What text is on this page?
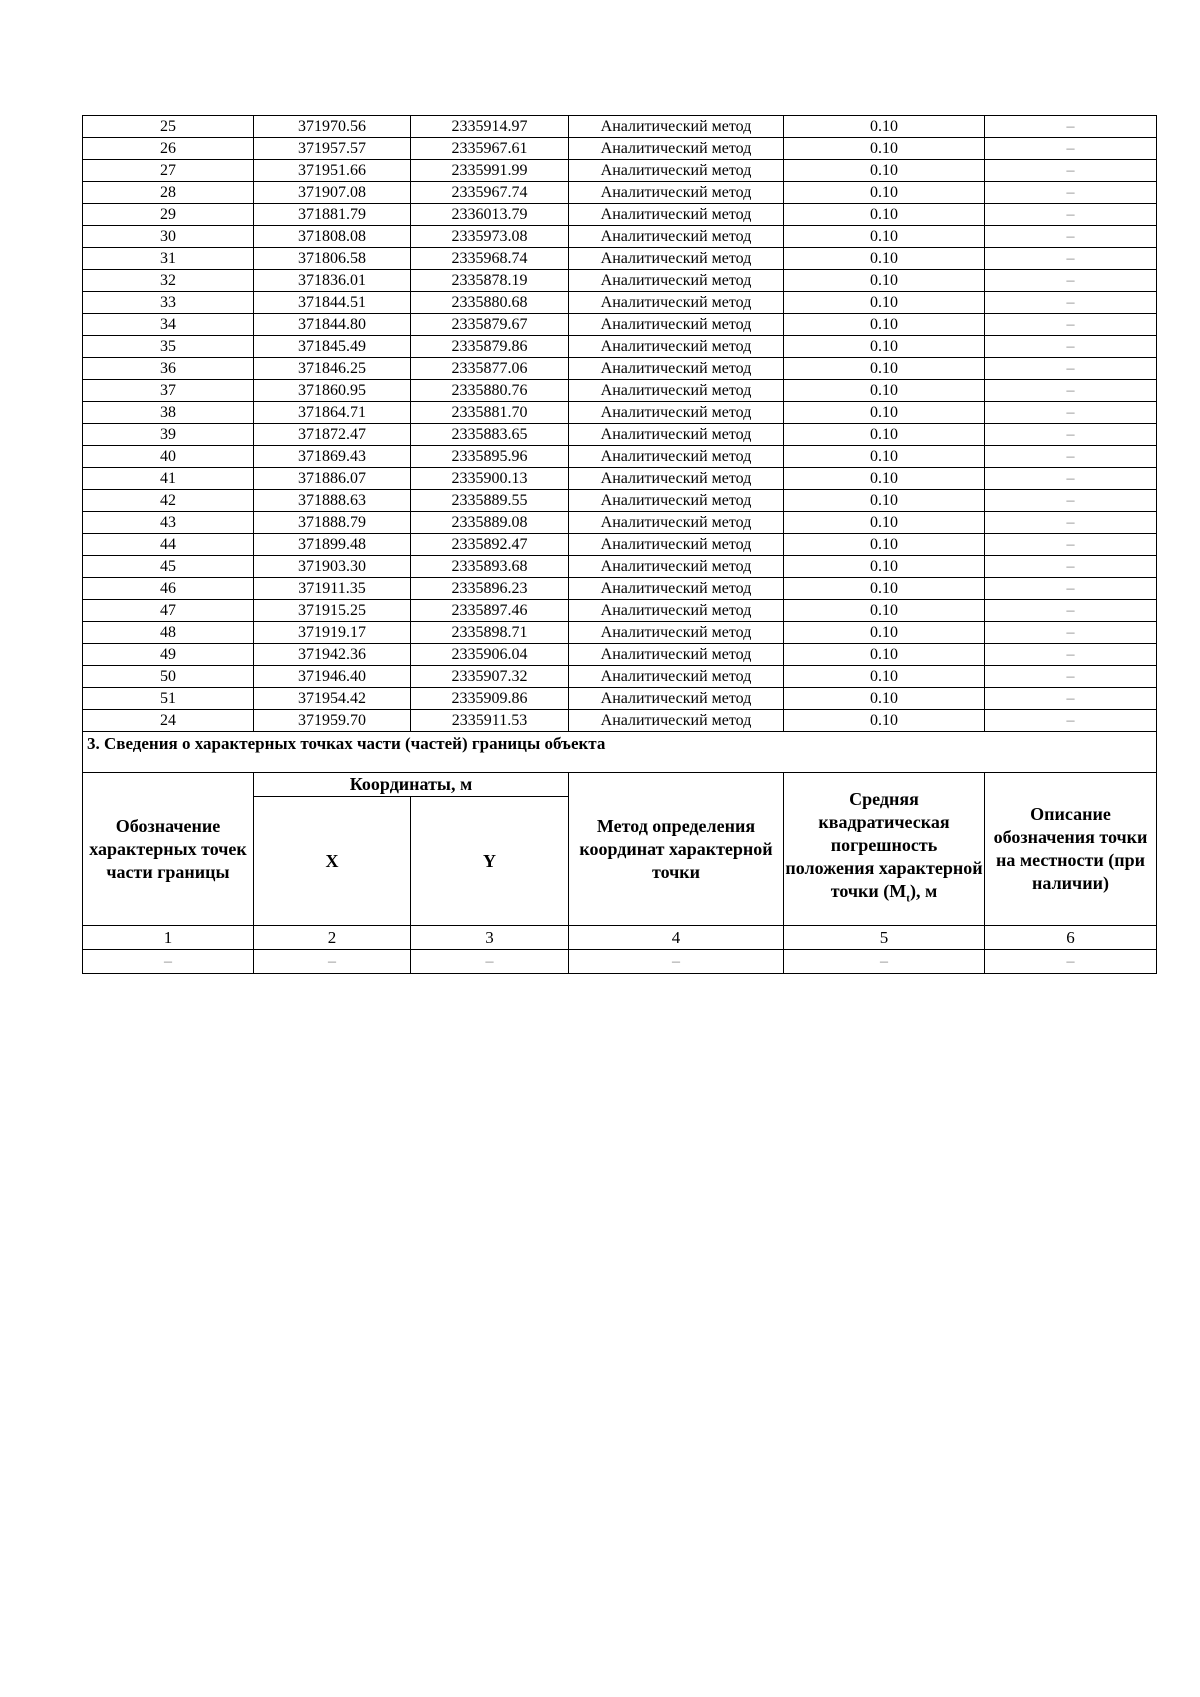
25	371970.56	2335914.97	Аналитический метод	0.10	–
26	371957.57	2335967.61	Аналитический метод	0.10	–
27	371951.66	2335991.99	Аналитический метод	0.10	–
28	371907.08	2335967.74	Аналитический метод	0.10	–
29	371881.79	2336013.79	Аналитический метод	0.10	–
30	371808.08	2335973.08	Аналитический метод	0.10	–
31	371806.58	2335968.74	Аналитический метод	0.10	–
32	371836.01	2335878.19	Аналитический метод	0.10	–
33	371844.51	2335880.68	Аналитический метод	0.10	–
34	371844.80	2335879.67	Аналитический метод	0.10	–
35	371845.49	2335879.86	Аналитический метод	0.10	–
36	371846.25	2335877.06	Аналитический метод	0.10	–
37	371860.95	2335880.76	Аналитический метод	0.10	–
38	371864.71	2335881.70	Аналитический метод	0.10	–
39	371872.47	2335883.65	Аналитический метод	0.10	–
40	371869.43	2335895.96	Аналитический метод	0.10	–
41	371886.07	2335900.13	Аналитический метод	0.10	–
42	371888.63	2335889.55	Аналитический метод	0.10	–
43	371888.79	2335889.08	Аналитический метод	0.10	–
44	371899.48	2335892.47	Аналитический метод	0.10	–
45	371903.30	2335893.68	Аналитический метод	0.10	–
46	371911.35	2335896.23	Аналитический метод	0.10	–
47	371915.25	2335897.46	Аналитический метод	0.10	–
48	371919.17	2335898.71	Аналитический метод	0.10	–
49	371942.36	2335906.04	Аналитический метод	0.10	–
50	371946.40	2335907.32	Аналитический метод	0.10	–
51	371954.42	2335909.86	Аналитический метод	0.10	–
24	371959.70	2335911.53	Аналитический метод	0.10	–
3. Сведения о характерных точках части (частей) границы объекта					
Обозначение характерных точек части границы	Координаты, м		Метод определения координат характерной точки	Средняя квадратическая погрешность положения характерной точки $(M_t)$, м	Описание обозначения точки на местности (при наличии)
	X	Y			
1	2	3	4	5	6
–	–	–	–	–	–
